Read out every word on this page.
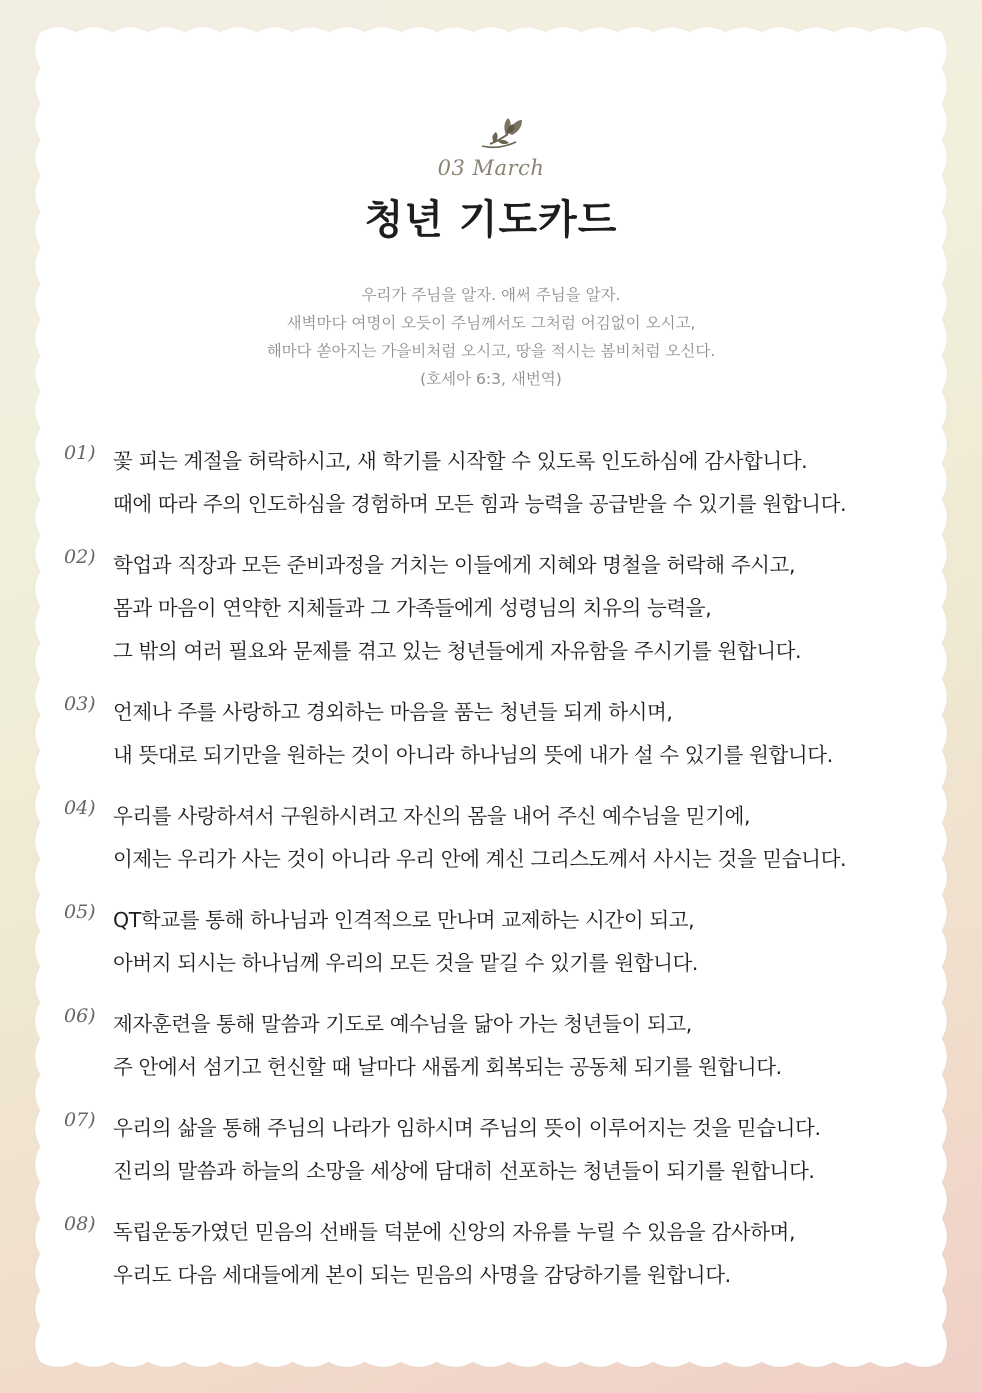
03 March
청년 기도카드
우리가 주님을 알자. 애써 주님을 알자.
새벽마다 여명이 오듯이 주님께서도 그처럼 어김없이 오시고,
해마다 쏟아지는 가을비처럼 오시고, 땅을 적시는 봄비처럼 오신다.
(호세아 6:3, 새번역)
01) 꽃 피는 계절을 허락하시고, 새 학기를 시작할 수 있도록 인도하심에 감사합니다.
때에 따라 주의 인도하심을 경험하며 모든 힘과 능력을 공급받을 수 있기를 원합니다.
02) 학업과 직장과 모든 준비과정을 거치는 이들에게 지혜와 명철을 허락해 주시고,
몸과 마음이 연약한 지체들과 그 가족들에게 성령님의 치유의 능력을,
그 밖의 여러 필요와 문제를 겪고 있는 청년들에게 자유함을 주시기를 원합니다.
03) 언제나 주를 사랑하고 경외하는 마음을 품는 청년들 되게 하시며,
내 뜻대로 되기만을 원하는 것이 아니라 하나님의 뜻에 내가 설 수 있기를 원합니다.
04) 우리를 사랑하셔서 구원하시려고 자신의 몸을 내어 주신 예수님을 믿기에,
이제는 우리가 사는 것이 아니라 우리 안에 계신 그리스도께서 사시는 것을 믿습니다.
05) QT학교를 통해 하나님과 인격적으로 만나며 교제하는 시간이 되고,
아버지 되시는 하나님께 우리의 모든 것을 맡길 수 있기를 원합니다.
06) 제자훈련을 통해 말씀과 기도로 예수님을 닮아 가는 청년들이 되고,
주 안에서 섬기고 헌신할 때 날마다 새롭게 회복되는 공동체 되기를 원합니다.
07) 우리의 삶을 통해 주님의 나라가 임하시며 주님의 뜻이 이루어지는 것을 믿습니다.
진리의 말씀과 하늘의 소망을 세상에 담대히 선포하는 청년들이 되기를 원합니다.
08) 독립운동가였던 믿음의 선배들 덕분에 신앙의 자유를 누릴 수 있음을 감사하며,
우리도 다음 세대들에게 본이 되는 믿음의 사명을 감당하기를 원합니다.
